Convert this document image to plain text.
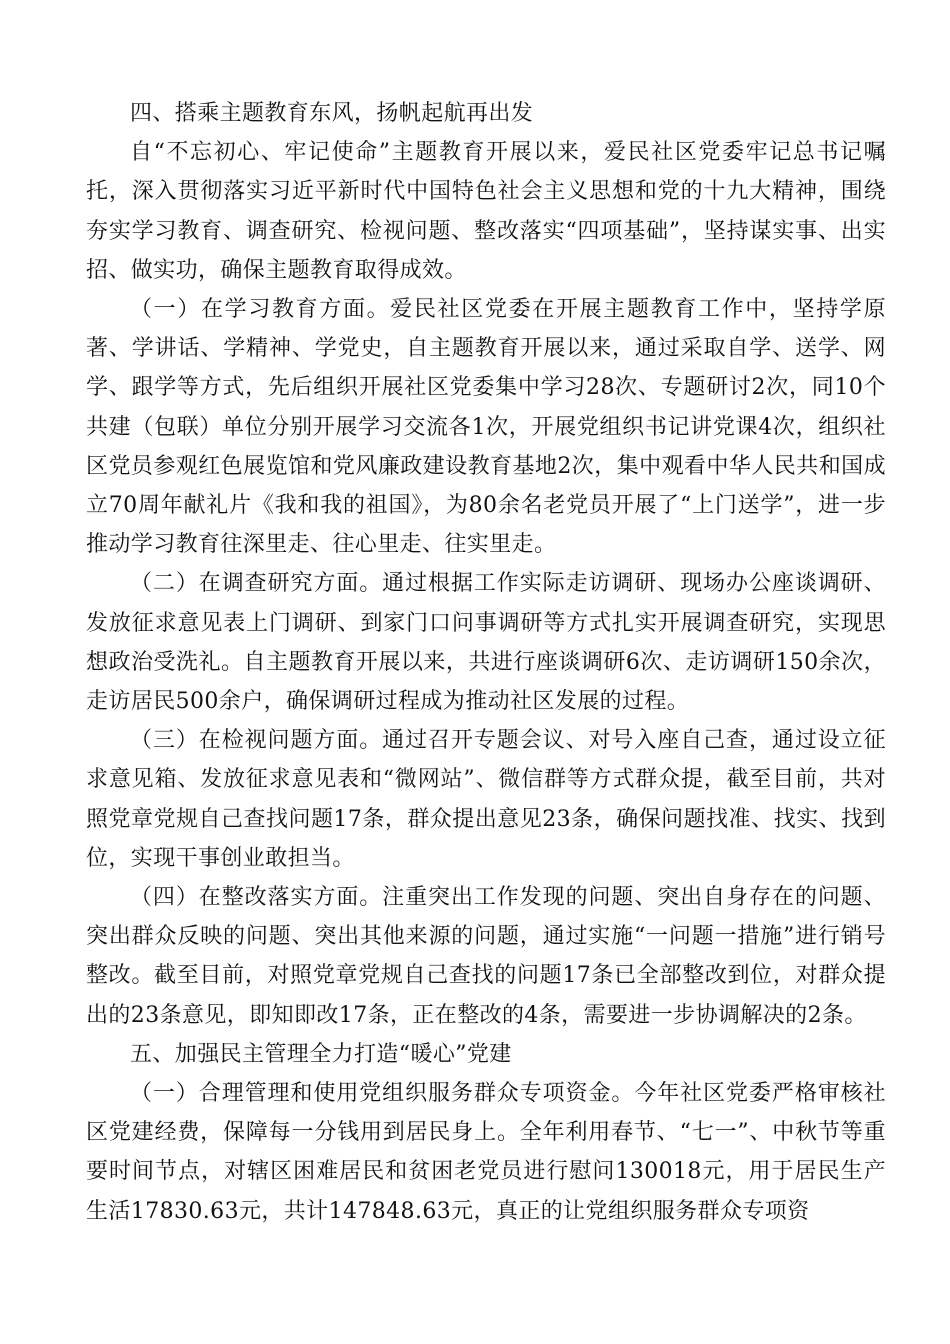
四、搭乘主题教育东风，扬帆起航再出发

自“不忘初心、牢记使命”主题教育开展以来，爱民社区党委牢记总书记嘱托，深入贯彻落实习近平新时代中国特色社会主义思想和党的十九大精神，围绕夯实学习教育、调查研究、检视问题、整改落实“四项基础”，坚持谋实事、出实招、做实功，确保主题教育取得成效。

（一）在学习教育方面。爱民社区党委在开展主题教育工作中，坚持学原著、学讲话、学精神、学党史，自主题教育开展以来，通过采取自学、送学、网学、跟学等方式，先后组织开展社区党委集中学习28次、专题研讨2次，同10个共建（包联）单位分别开展学习交流各1次，开展党组织书记讲党课4次，组织社区党员参观红色展览馆和党风廉政建设教育基地2次，集中观看中华人民共和国成立70周年献礼片《我和我的祖国》，为80余名老党员开展了“上门送学”，进一步推动学习教育往深里走、往心里走、往实里走。

（二）在调查研究方面。通过根据工作实际走访调研、现场办公座谈调研、发放征求意见表上门调研、到家门口问事调研等方式扎实开展调查研究，实现思想政治受洗礼。自主题教育开展以来，共进行座谈调研6次、走访调研150余次，走访居民500余户，确保调研过程成为推动社区发展的过程。

（三）在检视问题方面。通过召开专题会议、对号入座自己查，通过设立征求意见箱、发放征求意见表和“微网站”、微信群等方式群众提，截至目前，共对照党章党规自己查找问题17条，群众提出意见23条，确保问题找准、找实、找到位，实现干事创业敢担当。

（四）在整改落实方面。注重突出工作发现的问题、突出自身存在的问题、突出群众反映的问题、突出其他来源的问题，通过实施“一问题一措施”进行销号整改。截至目前，对照党章党规自己查找的问题17条已全部整改到位，对群众提出的23条意见，即知即改17条，正在整改的4条，需要进一步协调解决的2条。

五、加强民主管理全力打造“暖心”党建

（一）合理管理和使用党组织服务群众专项资金。今年社区党委严格审核社区党建经费，保障每一分钱用到居民身上。全年利用春节、“七一”、中秋节等重要时间节点，对辖区困难居民和贫困老党员进行慰问130018元，用于居民生产生活17830.63元，共计147848.63元，真正的让党组织服务群众专项资
